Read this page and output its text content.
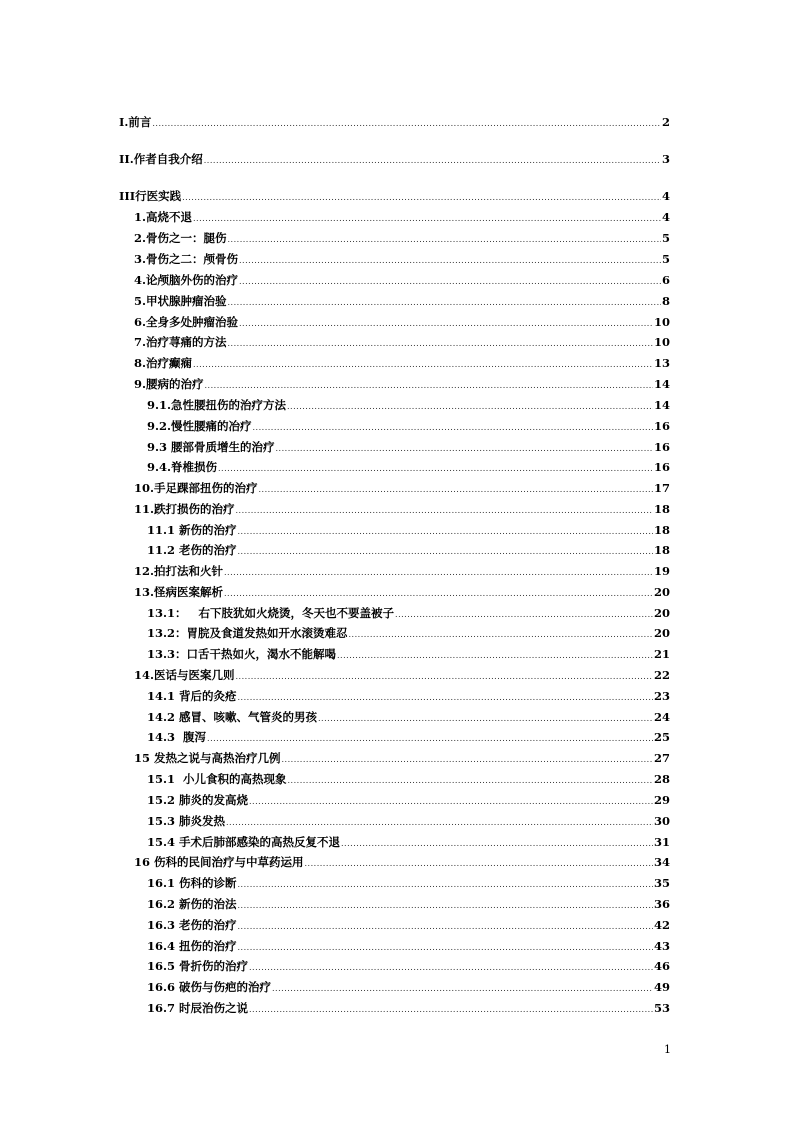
I.前言 .....	2
II.作者自我介绍 .....	3
III行医实践 .....	4
1.高烧不退 .....	4
2.骨伤之一：腿伤 .....	5
3.骨伤之二：颅骨伤 .....	5
4.论颅脑外伤的治疗 .....	6
5.甲状腺肿瘤治验 .....	8
6.全身多处肿瘤治验 .....	10
7.治疗荨痛的方法 .....	10
8.治疗癫痫 .....	13
9.腰病的治疗 .....	14
9.1.急性腰扭伤的治疗方法 .....	14
9.2.慢性腰痛的冶疗 .....	16
9.3 腰部骨质增生的治疗 .....	16
9.4.脊椎损伤 .....	16
10.手足踝部扭伤的治疗 .....	17
11.跌打损伤的治疗 .....	18
11.1 新伤的治疗 .....	18
11.2 老伤的治疗 .....	18
12.拍打法和火针 .....	19
13.怪病医案解析 .....	20
13.1：   右下肢犹如火烧烫，冬天也不要盖被子 .....	20
13.2：胃脘及食道发热如开水滚烫难忍 .....	20
13.3：口舌干热如火，渴水不能解喝 .....	21
14.医话与医案几则 .....	22
14.1 背后的灸疮 .....	23
14.2 感冒、咳嗽、气管炎的男孩 .....	24
14.3  腹泻 .....	25
15 发热之说与高热治疗几例 .....	27
15.1  小儿食积的高热现象 .....	28
15.2 肺炎的发高烧 .....	29
15.3 肺炎发热 .....	30
15.4 手术后肺部感染的高热反复不退 .....	31
16 伤科的民间治疗与中草药运用 .....	34
16.1 伤科的诊断 .....	35
16.2 新伤的治法 .....	36
16.3 老伤的治疗 .....	42
16.4 扭伤的治疗 .....	43
16.5 骨折伤的治疗 .....	46
16.6 破伤与伤疤的治疗 .....	49
16.7 时辰治伤之说 .....	53
1
